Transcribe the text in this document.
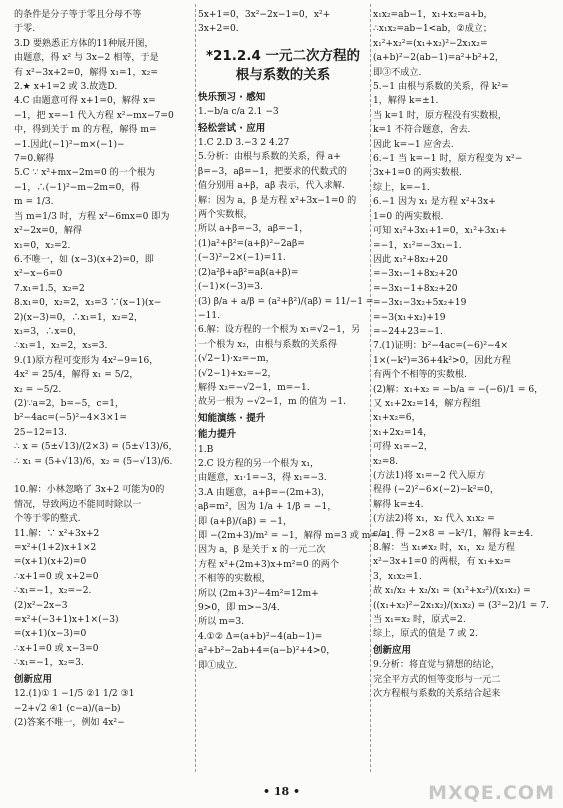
的条件是分子等于零且分母不等
于零.
3.D 要熟悉正方体的11种展开图，
由题意，得 x² 与 3x−2 相等，于是
有 x²−3x+2=0，解得 x₁=1，x₂=
2.★ x+1=2 或 3.故选D.
4.C 由题意可得 x+1=0，解得 x=
−1，把 x=−1 代入方程 x²−mx−7=0
中，得到关于 m 的方程，解得 m=
−1.因此(−1)²−m×(−1)−
7=0.解得
5.C ∵ x²+mx−2m=0 的一个根为
−1，∴(−1)²−m−2m=0，得
m = 1/3.
当 m=1/3 时，方程 x²−6mx=0 即为
x²−2x=0，解得
x₁=0，x₂=2.
6.不唯一，如 (x−3)(x+2)=0，即
x²−x−6=0
7.x₁=1.5，x₂=2
8.x₁=0，x₂=2，x₃=3 ∵(x−1)(x−
2)(x−3)=0，∴x₁=1，x₂=2，
x₃=3，∴x=0，
∴x₁=1，x₂=2，x₃=3.
9.(1)原方程可变形为 4x²−9=16，
4x² = 25/4，解得 x₁ = 5/2，
x₂ = −5/2.
(2)∵a=2，b=−5，c=1，
b²−4ac=(−5)²−4×3×1=
25−12=13.
∴ x = (5±√13)/(2×3) = (5±√13)/6，
∴ x₁ = (5+√13)/6，x₂ = (5−√13)/6.

10.解：小林忽略了 3x+2 可能为0的
情况，导致两边不能同时除以一
个等于零的整式.
11.解：∵ x²+3x+2
=x²+(1+2)x+1×2
=(x+1)(x+2)=0
∴x+1=0 或 x+2=0
∴x₁=−1，x₂=−2.
(2)x²−2x−3
=x²+(−3+1)x+1×(−3)
=(x+1)(x−3)=0
∴x+1=0 或 x−3=0
∴x₁=−1，x₂=3.
创新应用
12.(1)① 1 −1/5 ②1 1/2 ③1
−2+√2 ④1 (c−a)/(a−b)
(2)答案不唯一，例如 4x²−
5x+1=0，3x²−2x−1=0，x²+
3x+2=0.
*21.2.4 一元二次方程的
根与系数的关系
快乐预习 · 感知
1.−b/a c/a 2.1 −3
轻松尝试 · 应用
1.C 2.D 3.−3 2 4.27
5.分析：由根与系数的关系，得 a+
β=−3，aβ=−1，把要求的代数式的
值分别用 a+β，aβ 表示，代入求解.
解：因为 a，β 是方程 x²+3x−1=0 的
两个实数根，
所以 a+β=−3，aβ=−1，
(1)a²+β²=(a+β)²−2aβ=
(−3)²−2×(−1)=11.
(2)a²β+aβ²=aβ(a+β)=
(−1)×(−3)=3.
(3) β/a + a/β = (a²+β²)/(aβ) = 11/−1 =
−11.
6.解：设方程的一个根为 x₁=√2−1，另
一个根为 x₂，由根与系数的关系得
(√2−1)·x₂=−m，
(√2−1)+x₂=−2，
解得 x₂=−√2−1，m=−1.
故另一根为 −√2−1，m 的值为 −1.
知能演练 · 提升
能力提升
1.B
2.C 设方程的另一个根为 x₁，
由题意，x₁·1=−3，得 x₁=−3.
3.A 由题意，a+β=−(2m+3)，
aβ=m²，因为 1/a + 1/β = −1，
即 (a+β)/(aβ) = −1，
即 −(2m+3)/m² = −1，解得 m=3 或 m=−1.
因为 a，β 是关于 x 的一元二次
方程 x²+(2m+3)x+m²=0 的两个
不相等的实数根，
所以 (2m+3)²−4m²=12m+
9>0，即 m>−3/4.
所以 m=3.
4.①② Δ=(a+b)²−4(ab−1)=
a²+b²−2ab+4=(a−b)²+4>0，
即①成立.
x₁x₂=ab−1，x₁+x₂=a+b，
∴x₁x₂=ab−1<ab，②成立；
x₁²+x₂²=(x₁+x₂)²−2x₁x₂=
(a+b)²−2(ab−1)=a²+b²+2，
即③不成立.
5.−1 由根与系数的关系，得 k²=
1，解得 k=±1.
当 k=1 时，原方程没有实数根，
k=1 不符合题意，舍去.
因此 k=−1 应舍去.
6.−1 当 k=−1 时，原方程变为 x²−
3x+1=0 的两实数根.
综上，k=−1.
6.−1 因为 x₁ 是方程 x²+3x+
1=0 的两实数根.
可知 x₁²+3x₁+1=0，x₁²+3x₁+
=−1，x₁²=−3x₁−1.
因此 x₁²+8x₂+20
=−3x₁−1+8x₂+20
=−3x₁−1+8x₂+20
=−3x₁−3x₂+5x₂+19
=−3(x₁+x₂)+19
=−24+23=−1.
7.(1)证明：b²−4ac=(−6)²−4×
1×(−k²)=36+4k²>0，因此方程
有两个不相等的实数根.
(2)解：x₁+x₂ = −b/a = −(−6)/1 = 6，
又 x₁+2x₂=14，解方程组
x₁+x₂=6，
x₁+2x₂=14，
可得 x₁=−2，
x₂=8.
(方法1)将 x₁=−2 代入原方
程得 (−2)²−6×(−2)−k²=0，
解得 k=±4.
(方法2)将 x₁，x₂ 代入 x₁x₂ =
c/a，得 −2×8 = −k²/1，解得 k=±4.
8.解：当 x₁≠x₂ 时，x₁，x₂ 是方程
x²−3x+1=0 的两根，有 x₁+x₂=
3，x₁x₂=1.
故 x₁/x₂ + x₂/x₁ = (x₁²+x₂²)/(x₁x₂) =
((x₁+x₂)²−2x₁x₂)/(x₁x₂) = (3²−2)/1 = 7.
当 x₁=x₂ 时，原式=2.
综上，原式的值是 7 或 2.
创新应用
9.分析：将直觉与猜想的结论，
完全平方式的恒等变形与一元二
次方程根与系数的关系结合起来
• 18 •	MXQE.COM
